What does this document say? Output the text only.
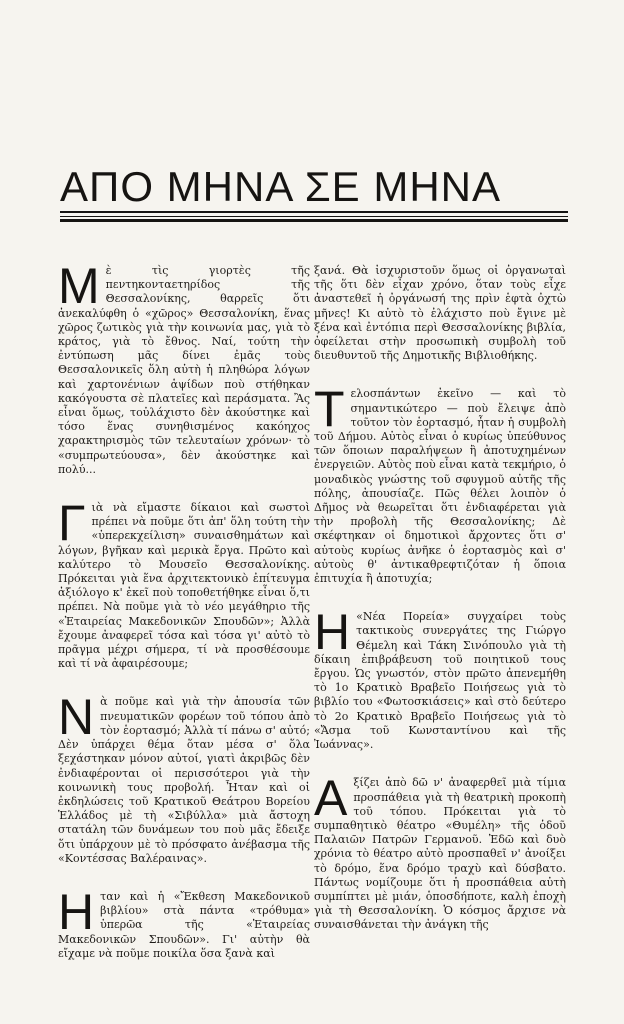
ΑΠΟ ΜΗΝΑ ΣΕ ΜΗΝΑ

Μ ὲ τὶς γιορτὲς τῆς πεντηκονταετηρίδος τῆς Θεσσαλονίκης, θαρρεῖς ὅτι ἀνεκαλύφθη ὁ «χῶρος» Θεσσαλονίκη, ἕνας χῶρος ζωτικὸς γιὰ τὴν κοινωνία μας, γιὰ τὸ κράτος, γιὰ τὸ ἔθνος. Ναί, τούτη τὴν ἐντύπωση μᾶς δίνει ἐμᾶς τοὺς Θεσσαλονικεῖς ὅλη αὐτὴ ἡ πληθώρα λόγων καὶ χαρτονένιων ἁψίδων ποὺ στήθηκαν κακόγουστα σὲ πλατεῖες καὶ περάσματα. Ἂς εἶναι ὅμως, τοὐλάχιστο δὲν ἀκούστηκε καὶ τόσο ἕνας συνηθισμένος κακόηχος χαρακτηρισμὸς τῶν τελευταίων χρόνων· τὸ «συμπρωτεύουσα», δὲν ἀκούστηκε καὶ πολύ...

Γ ιὰ νὰ εἴμαστε δίκαιοι καὶ σωστοὶ πρέπει νὰ ποῦμε ὅτι ἀπ' ὅλη τούτη τὴν «ὑπερεκχείλιση» συναισθημάτων καὶ λόγων, βγῆκαν καὶ μερικὰ ἔργα. Πρῶτο καὶ καλύτερο τὸ Μουσεῖο Θεσσαλονίκης. Πρόκειται γιὰ ἕνα ἀρχιτεκτονικὸ ἐπίτευγμα ἀξιόλογο κ' ἐκεῖ ποὺ τοποθετήθηκε εἶναι ὅ,τι πρέπει. Νὰ ποῦμε γιὰ τὸ νέο μεγάθηριο τῆς «Ἑταιρείας Μακεδονικῶν Σπουδῶν»; Ἀλλὰ ἔχουμε ἀναφερεῖ τόσα καὶ τόσα γι' αὐτὸ τὸ πρᾶγμα μέχρι σήμερα, τί νὰ προσθέσουμε καὶ τί νὰ ἀφαιρέσουμε;

Ν ὰ ποῦμε καὶ γιὰ τὴν ἀπουσία τῶν πνευματικῶν φορέων τοῦ τόπου ἀπὸ τὸν ἑορτασμό; Ἀλλὰ τί πάνω σ' αὐτό; Δὲν ὑπάρχει θέμα ὅταν μέσα σ' ὅλα ξεχάστηκαν μόνον αὐτοί, γιατὶ ἀκριβῶς δὲν ἐνδιαφέρονται οἱ περισσότεροι γιὰ τὴν κοινωνικὴ τους προβολή. Ἦταν καὶ οἱ ἐκδηλώσεις τοῦ Κρατικοῦ Θεάτρου Βορείου Ἑλλάδος μὲ τὴ «Σιβύλλα» μιὰ ἄστοχη στατάλη τῶν δυνάμεων του ποὺ μᾶς ἔδειξε ὅτι ὑπάρχουν μὲ τὸ πρόσφατο ἀνέβασμα τῆς «Κοντέσσας Βαλέραινας».

Η ταν καὶ ἡ «Ἔκθεση Μακεδονικοῦ βιβλίου» στὰ πάντα «τρόθυμα» ὑπερῶα τῆς «Ἑταιρείας Μακεδονικῶν Σπουδῶν». Γι' αὐτὴν θὰ εἴχαμε νὰ ποῦμε ποικίλα ὅσα ξανὰ καὶ

ξανά. Θὰ ἰσχυριστοῦν ὅμως οἱ ὀργανωταὶ τῆς ὅτι δὲν εἶχαν χρόνο, ὅταν τοὺς εἶχε ἀναστεθεῖ ἡ ὀργάνωσή της πρὶν ἑφτὰ ὀχτὼ μῆνες! Κι αὐτὸ τὸ ἐλάχιστο ποὺ ἔγινε μὲ ξένα καὶ ἐντόπια περὶ Θεσσαλονίκης βιβλία, ὀφείλεται στὴν προσωπικὴ συμβολὴ τοῦ διευθυντοῦ τῆς Δημοτικῆς Βιβλιοθήκης.

Τ ελοσπάντων ἐκεῖνο — καὶ τὸ σημαντικώτερο — ποὺ ἔλειψε ἀπὸ τοῦτον τὸν ἑορτασμό, ἦταν ἡ συμβολὴ τοῦ Δήμου. Αὐτὸς εἶναι ὁ κυρίως ὑπεύθυνος τῶν ὅποιων παραλήψεων ἢ ἀποτυχημένων ἐνεργειῶν. Αὐτὸς ποὺ εἶναι κατὰ τεκμήριο, ὁ μοναδικὸς γνώστης τοῦ σφυγμοῦ αὐτῆς τῆς πόλης, ἀπουσίαζε. Πῶς θέλει λοιπὸν ὁ Δῆμος νὰ θεωρεῖται ὅτι ἐνδιαφέρεται γιὰ τὴν προβολὴ τῆς Θεσσαλονίκης; Δὲ σκέφτηκαν οἱ δημοτικοὶ ἄρχοντες ὅτι σ' αὐτοὺς κυρίως ἀνῆκε ὁ ἑορτασμὸς καὶ σ' αὐτοὺς θ' ἀντικαθρεφτιζόταν ἡ ὅποια ἐπιτυχία ἢ ἀποτυχία;

Η «Νέα Πορεία» συγχαίρει τοὺς τακτικοὺς συνεργάτες της Γιώργο Θέμελη καὶ Τάκη Σινόπουλο γιὰ τὴ δίκαιη ἐπιβράβευση τοῦ ποιητικοῦ τους ἔργου. Ὡς γνωστόν, στὸν πρῶτο ἀπενεμήθη τὸ 1ο Κρατικὸ Βραβεῖο Ποιήσεως γιὰ τὸ βιβλίο του «Φωτοσκιάσεις» καὶ στὸ δεύτερο τὸ 2ο Κρατικὸ Βραβεῖο Ποιήσεως γιὰ τὸ «Ἄσμα τοῦ Κωνσταντίνου καὶ τῆς Ἰωάννας».

Α ξίζει ἀπὸ δῶ ν' ἀναφερθεῖ μιὰ τίμια προσπάθεια γιὰ τὴ θεατρικὴ προκοπὴ τοῦ τόπου. Πρόκειται γιὰ τὸ συμπαθητικὸ θέατρο «Θυμέλη» τῆς ὁδοῦ Παλαιῶν Πατρῶν Γερμανοῦ. Ἐδῶ καὶ δυὸ χρόνια τὸ θέατρο αὐτὸ προσπαθεῖ ν' ἀνοίξει τὸ δρόμο, ἕνα δρόμο τραχὺ καὶ δύσβατο. Πάντως νομίζουμε ὅτι ἡ προσπάθεια αὐτὴ συμπίπτει μὲ μιάν, ὁποσδήποτε, καλὴ ἐποχὴ γιὰ τὴ Θεσσαλονίκη. Ὁ κόσμος ἄρχισε νὰ συναισθάνεται τὴν ἀνάγκη τῆς
